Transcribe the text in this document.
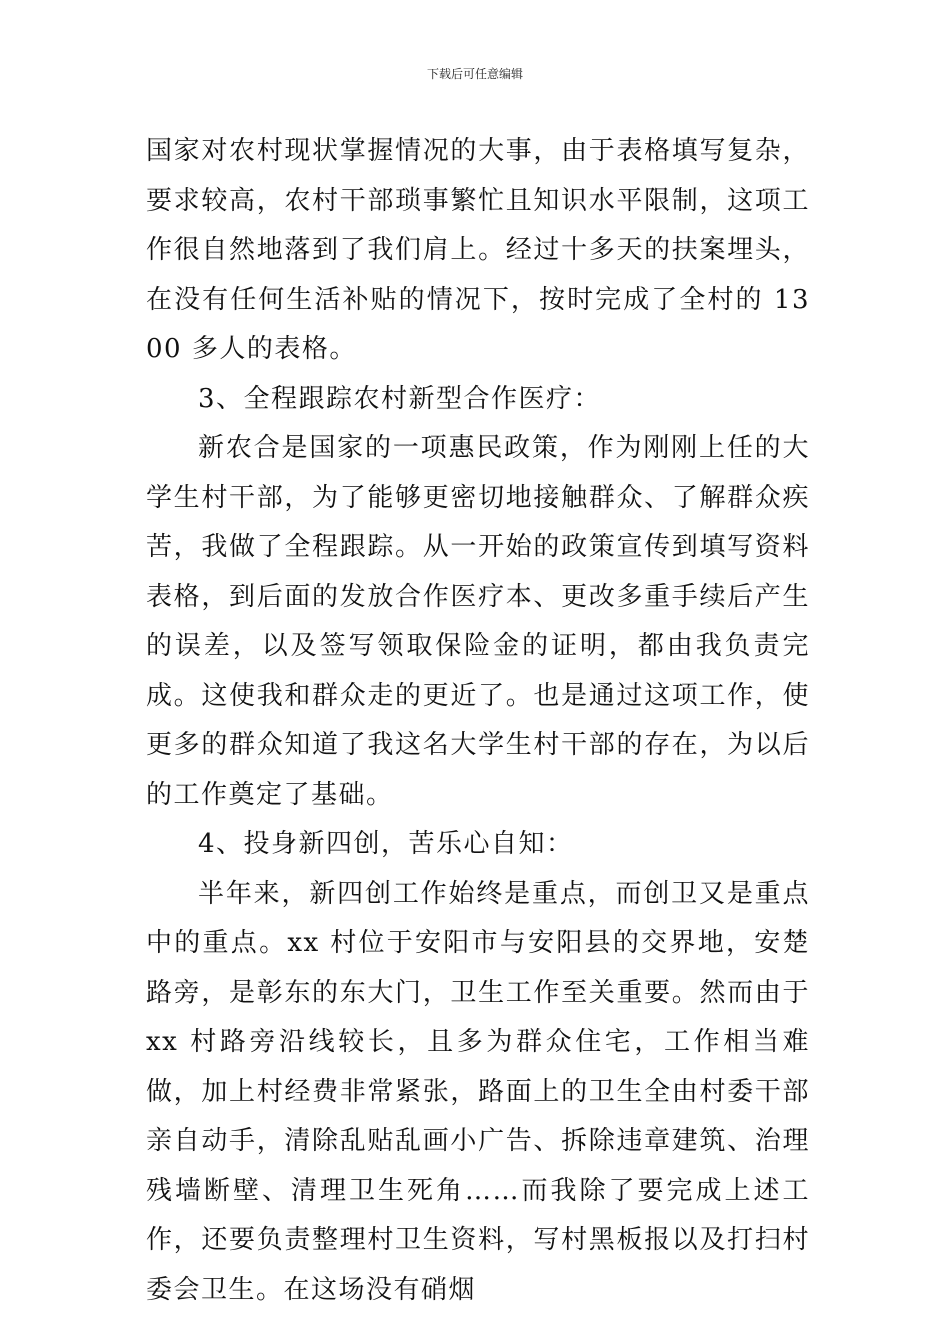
下载后可任意编辑

国家对农村现状掌握情况的大事，由于表格填写复杂，要求较高，农村干部琐事繁忙且知识水平限制，这项工作很自然地落到了我们肩上。经过十多天的扶案埋头，在没有任何生活补贴的情况下，按时完成了全村的 1300 多人的表格。

3、全程跟踪农村新型合作医疗：

新农合是国家的一项惠民政策，作为刚刚上任的大学生村干部，为了能够更密切地接触群众、了解群众疾苦，我做了全程跟踪。从一开始的政策宣传到填写资料表格，到后面的发放合作医疗本、更改多重手续后产生的误差，以及签写领取保险金的证明，都由我负责完成。这使我和群众走的更近了。也是通过这项工作，使更多的群众知道了我这名大学生村干部的存在，为以后的工作奠定了基础。

4、投身新四创，苦乐心自知：

半年来，新四创工作始终是重点，而创卫又是重点中的重点。xx 村位于安阳市与安阳县的交界地，安楚路旁，是彰东的东大门，卫生工作至关重要。然而由于 xx 村路旁沿线较长，且多为群众住宅，工作相当难做，加上村经费非常紧张，路面上的卫生全由村委干部亲自动手，清除乱贴乱画小广告、拆除违章建筑、治理残墙断壁、清理卫生死角……而我除了要完成上述工作，还要负责整理村卫生资料，写村黑板报以及打扫村委会卫生。在这场没有硝烟
